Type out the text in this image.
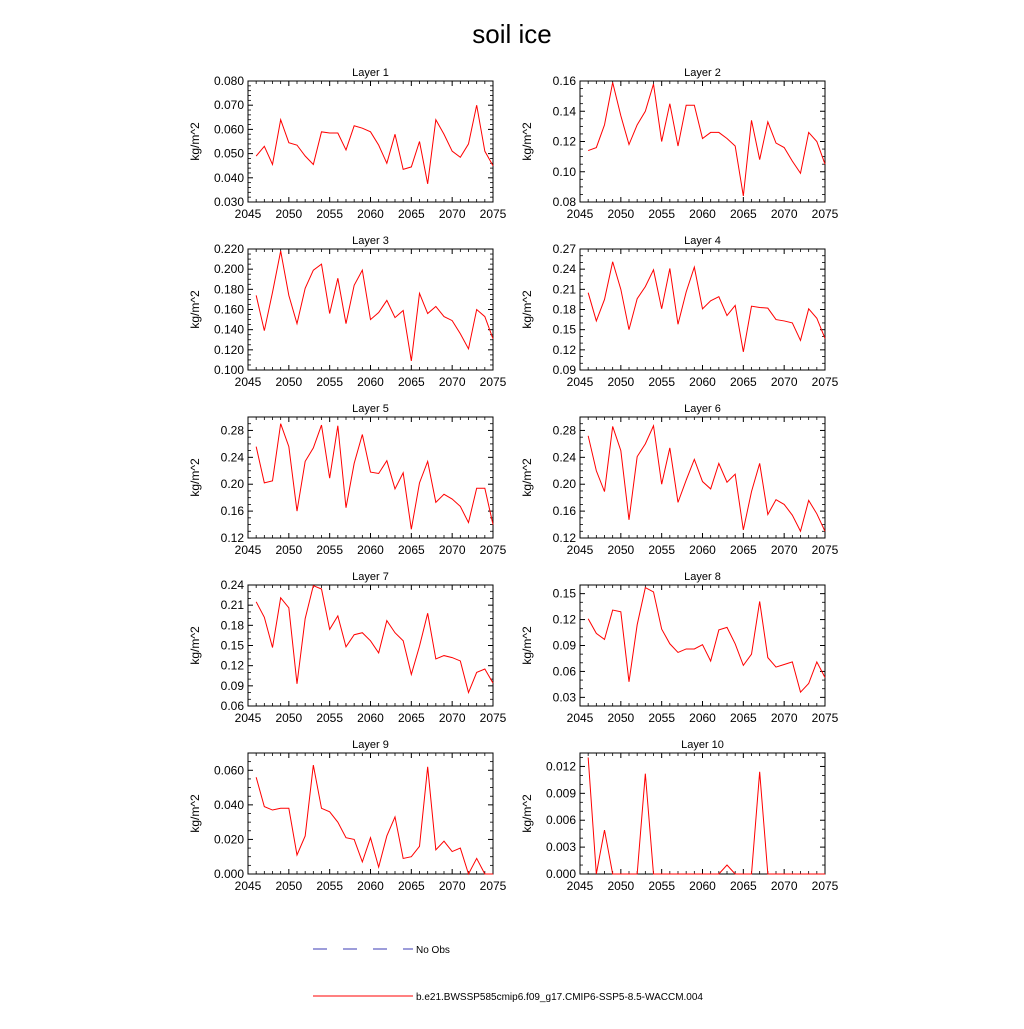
soil ice
Layer 1
kg/m^2
2045 2050 2055 2060 2065 2070 2075
0.030
0.040
0.050
0.060
0.070
0.080
Layer 2
kg/m^2
2045 2050 2055 2060 2065 2070 2075
0.08
0.10
0.12
0.14
0.16
Layer 3
kg/m^2
2045 2050 2055 2060 2065 2070 2075
0.100
0.120
0.140
0.160
0.180
0.200
0.220
Layer 4
kg/m^2
2045 2050 2055 2060 2065 2070 2075
0.09
0.12
0.15
0.18
0.21
0.24
0.27
Layer 5
kg/m^2
2045 2050 2055 2060 2065 2070 2075
0.12
0.16
0.20
0.24
0.28
Layer 6
kg/m^2
2045 2050 2055 2060 2065 2070 2075
0.12
0.16
0.20
0.24
0.28
Layer 7
kg/m^2
2045 2050 2055 2060 2065 2070 2075
0.06
0.09
0.12
0.15
0.18
0.21
0.24
Layer 8
kg/m^2
2045 2050 2055 2060 2065 2070 2075
0.03
0.06
0.09
0.12
0.15
Layer 9
kg/m^2
2045 2050 2055 2060 2065 2070 2075
0.000
0.020
0.040
0.060
Layer 10
kg/m^2
2045 2050 2055 2060 2065 2070 2075
0.000
0.003
0.006
0.009
0.012
No Obs
b.e21.BWSSP585cmip6.f09_g17.CMIP6-SSP5-8.5-WACCM.004
